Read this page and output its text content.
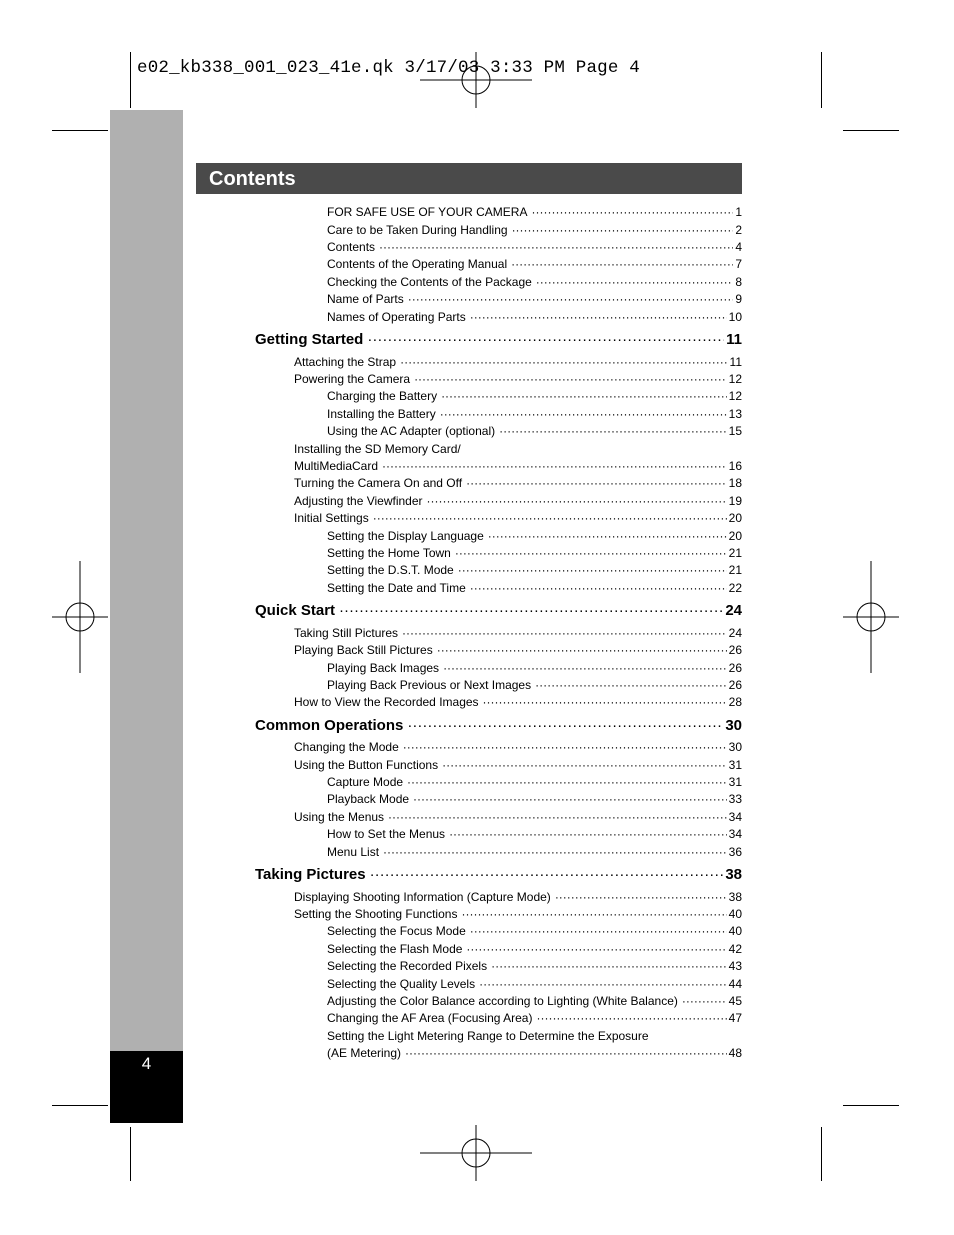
e02_kb338_001_023_41e.qk 3/17/03 3:33 PM Page 4
4
Contents
FOR SAFE USE OF YOUR CAMERA ·····	1
Care to be Taken During Handling ·····	2
Contents ·····	4
Contents of the Operating Manual ·····	7
Checking the Contents of the Package ·····	8
Name of Parts ·····	9
Names of Operating Parts ·····	10
Getting Started ·····	11
Attaching the Strap ·····	11
Powering the Camera ·····	12
Charging the Battery ·····	12
Installing the Battery ·····	13
Using the AC Adapter (optional) ·····	15
Installing the SD Memory Card/
MultiMediaCard ·····	16
Turning the Camera On and Off ·····	18
Adjusting the Viewfinder ·····	19
Initial Settings ·····	20
Setting the Display Language ·····	20
Setting the Home Town ·····	21
Setting the D.S.T. Mode ·····	21
Setting the Date and Time ·····	22
Quick Start ·····	24
Taking Still Pictures ·····	24
Playing Back Still Pictures ·····	26
Playing Back Images ·····	26
Playing Back Previous or Next Images ·····	26
How to View the Recorded Images ·····	28
Common Operations ·····	30
Changing the Mode ·····	30
Using the Button Functions ·····	31
Capture Mode ·····	31
Playback Mode ·····	33
Using the Menus ·····	34
How to Set the Menus ·····	34
Menu List ·····	36
Taking Pictures ·····	38
Displaying Shooting Information (Capture Mode) ·····	38
Setting the Shooting Functions ·····	40
Selecting the Focus Mode ·····	40
Selecting the Flash Mode ·····	42
Selecting the Recorded Pixels ·····	43
Selecting the Quality Levels ·····	44
Adjusting the Color Balance according to Lighting (White Balance) ·····	45
Changing the AF Area (Focusing Area) ·····	47
Setting the Light Metering Range to Determine the Exposure
(AE Metering) ·····	48
